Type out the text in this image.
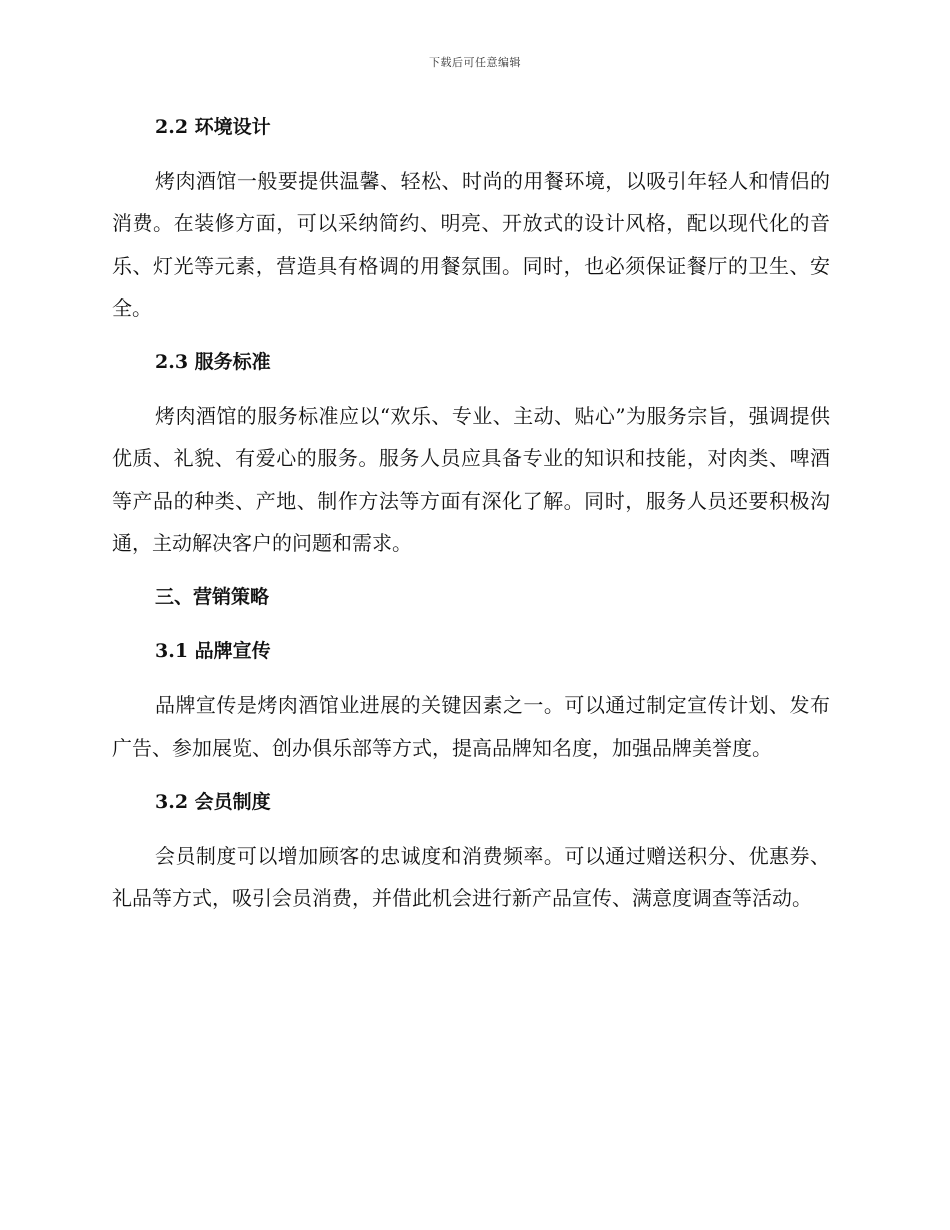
下载后可任意编辑
2.2 环境设计

烤肉酒馆一般要提供温馨、轻松、时尚的用餐环境，以吸引年轻人和情侣的消费。在装修方面，可以采纳简约、明亮、开放式的设计风格，配以现代化的音乐、灯光等元素，营造具有格调的用餐氛围。同时，也必须保证餐厅的卫生、安全。

2.3 服务标准

烤肉酒馆的服务标准应以“欢乐、专业、主动、贴心”为服务宗旨，强调提供优质、礼貌、有爱心的服务。服务人员应具备专业的知识和技能，对肉类、啤酒等产品的种类、产地、制作方法等方面有深化了解。同时，服务人员还要积极沟通，主动解决客户的问题和需求。

三、营销策略
3.1 品牌宣传

品牌宣传是烤肉酒馆业进展的关键因素之一。可以通过制定宣传计划、发布广告、参加展览、创办俱乐部等方式，提高品牌知名度，加强品牌美誉度。

3.2 会员制度

会员制度可以增加顾客的忠诚度和消费频率。可以通过赠送积分、优惠券、礼品等方式，吸引会员消费，并借此机会进行新产品宣传、满意度调查等活动。
